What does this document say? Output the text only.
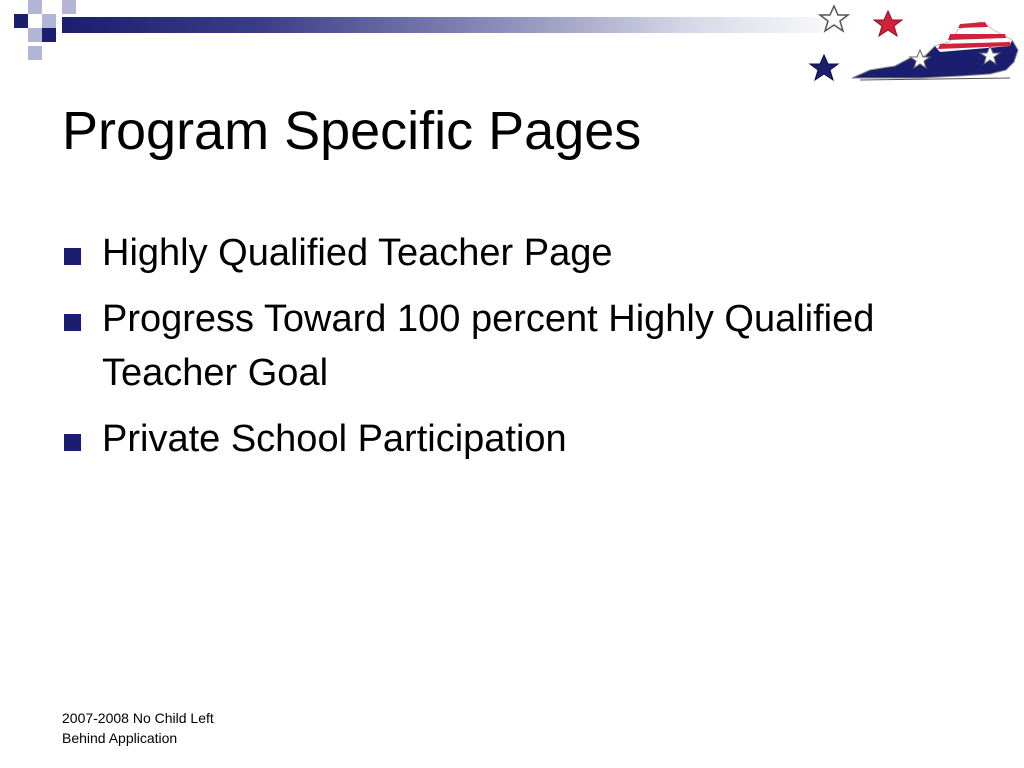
Program Specific Pages
Highly Qualified Teacher Page
Progress Toward 100 percent Highly Qualified Teacher Goal
Private School Participation
2007-2008 No Child Left
Behind Application
